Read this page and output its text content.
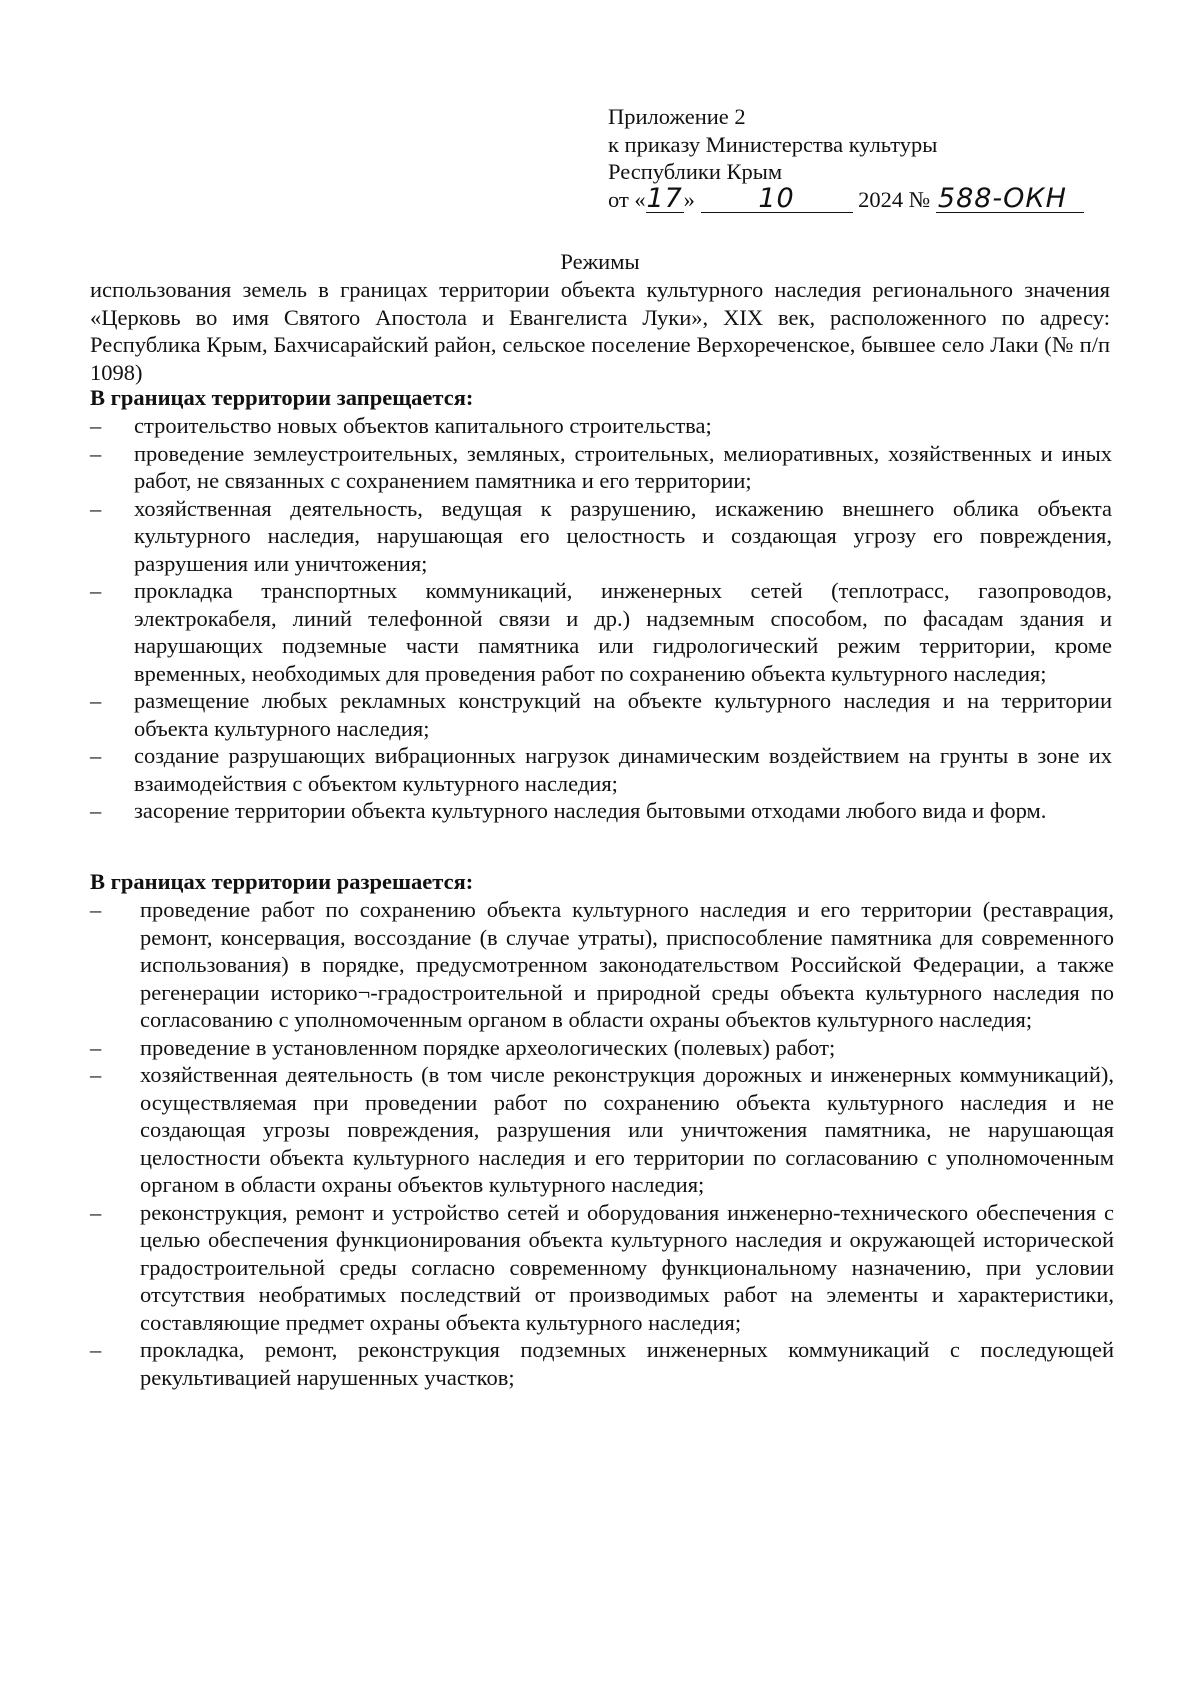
Приложение 2
к приказу Министерства культуры
Республики Крым
от «17» 10	2024 № 588-ОКН
Режимы
использования земель в границах территории объекта культурного наследия регионального значения «Церковь во имя Святого Апостола и Евангелиста Луки», XIX век, расположенного по адресу: Республика Крым, Бахчисарайский район, сельское поселение Верхореченское, бывшее село Лаки (№ п/п 1098)
В границах территории запрещается:
– строительство новых объектов капитального строительства;
– проведение землеустроительных, земляных, строительных, мелиоративных, хозяйственных и иных работ, не связанных с сохранением памятника и его территории;
– хозяйственная деятельность, ведущая к разрушению, искажению внешнего облика объекта культурного наследия, нарушающая его целостность и создающая угрозу его повреждения, разрушения или уничтожения;
– прокладка транспортных коммуникаций, инженерных сетей (теплотрасс, газопроводов, электрокабеля, линий телефонной связи и др.) надземным способом, по фасадам здания и нарушающих подземные части памятника или гидрологический режим территории, кроме временных, необходимых для проведения работ по сохранению объекта культурного наследия;
– размещение любых рекламных конструкций на объекте культурного наследия и на территории объекта культурного наследия;
– создание разрушающих вибрационных нагрузок динамическим воздействием на грунты в зоне их взаимодействия с объектом культурного наследия;
– засорение территории объекта культурного наследия бытовыми отходами любого вида и форм.
В границах территории разрешается:
– проведение работ по сохранению объекта культурного наследия и его территории (реставрация, ремонт, консервация, воссоздание (в случае утраты), приспособление памятника для современного использования) в порядке, предусмотренном законодательством Российской Федерации, а также регенерации историко¬-градостроительной и природной среды объекта культурного наследия по согласованию с уполномоченным органом в области охраны объектов культурного наследия;
– проведение в установленном порядке археологических (полевых) работ;
– хозяйственная деятельность (в том числе реконструкция дорожных и инженерных коммуникаций), осуществляемая при проведении работ по сохранению объекта культурного наследия и не создающая угрозы повреждения, разрушения или уничтожения памятника, не нарушающая целостности объекта культурного наследия и его территории по согласованию с уполномоченным органом в области охраны объектов культурного наследия;
– реконструкция, ремонт и устройство сетей и оборудования инженерно-технического обеспечения с целью обеспечения функционирования объекта культурного наследия и окружающей исторической градостроительной среды согласно современному функциональному назначению, при условии отсутствия необратимых последствий от производимых работ на элементы и характеристики, составляющие предмет охраны объекта культурного наследия;
– прокладка, ремонт, реконструкция подземных инженерных коммуникаций с последующей рекультивацией нарушенных участков;
